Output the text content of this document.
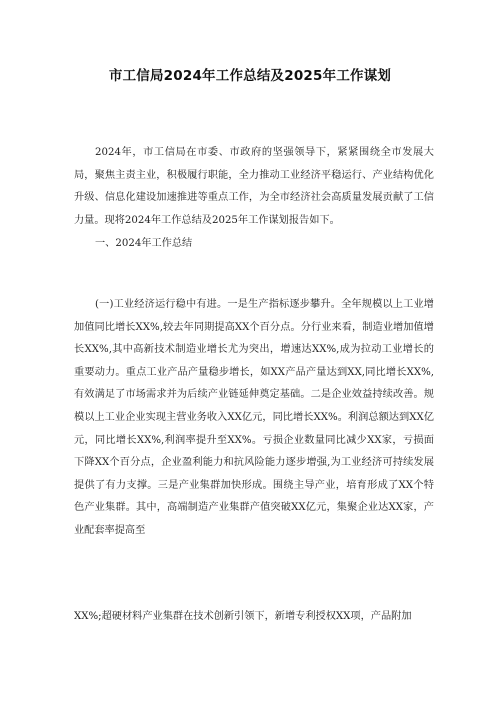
市工信局2024年工作总结及2025年工作谋划

2024年，市工信局在市委、市政府的坚强领导下，紧紧围绕全市发展大局，聚焦主责主业，积极履行职能，全力推动工业经济平稳运行、产业结构优化升级、信息化建设加速推进等重点工作，为全市经济社会高质量发展贡献了工信力量。现将2024年工作总结及2025年工作谋划报告如下。

一、2024年工作总结

(一)工业经济运行稳中有进。一是生产指标逐步攀升。全年规模以上工业增加值同比增长XX%,较去年同期提高XX个百分点。分行业来看，制造业增加值增长XX%,其中高新技术制造业增长尤为突出，增速达XX%,成为拉动工业增长的重要动力。重点工业产品产量稳步增长，如XX产品产量达到XX,同比增长XX%,有效满足了市场需求并为后续产业链延伸奠定基础。二是企业效益持续改善。规模以上工业企业实现主营业务收入XX亿元，同比增长XX%。利润总额达到XX亿元，同比增长XX%,利润率提升至XX%。亏损企业数量同比减少XX家，亏损面下降XX个百分点，企业盈利能力和抗风险能力逐步增强,为工业经济可持续发展提供了有力支撑。三是产业集群加快形成。围绕主导产业，培育形成了XX个特色产业集群。其中，高端制造产业集群产值突破XX亿元，集聚企业达XX家，产业配套率提高至

XX%;超硬材料产业集群在技术创新引领下，新增专利授权XX项，产品附加
